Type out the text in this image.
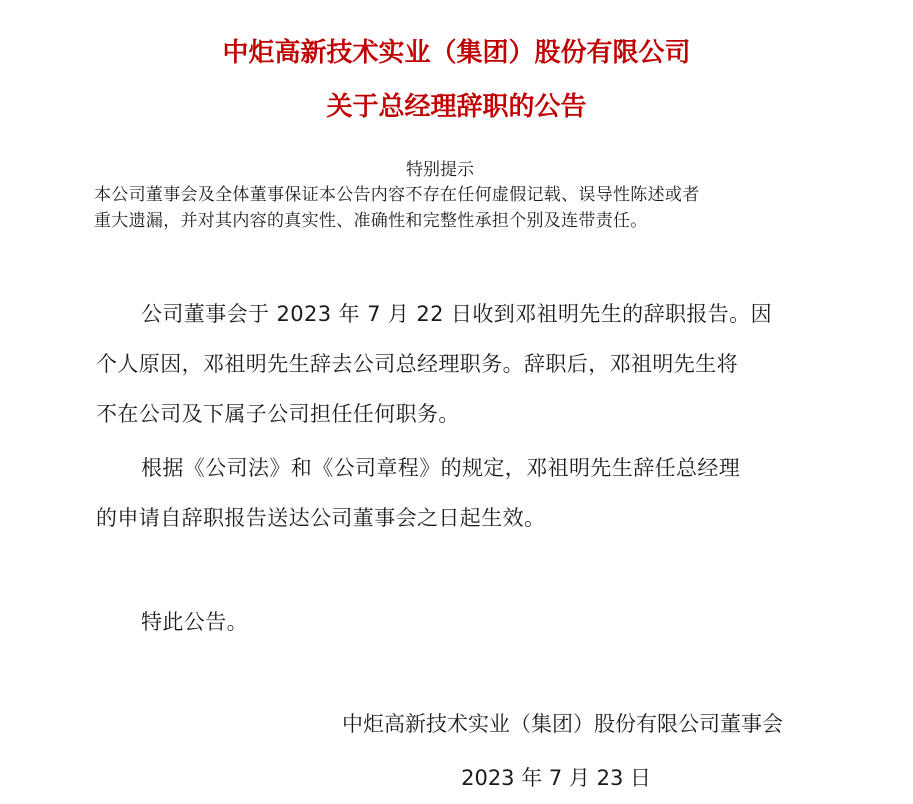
中炬高新技术实业（集团）股份有限公司
关于总经理辞职的公告
特别提示
本公司董事会及全体董事保证本公告内容不存在任何虚假记载、误导性陈述或者
重大遗漏，并对其内容的真实性、准确性和完整性承担个别及连带责任。
公司董事会于 2023 年 7 月 22 日收到邓祖明先生的辞职报告。因
个人原因，邓祖明先生辞去公司总经理职务。辞职后，邓祖明先生将
不在公司及下属子公司担任任何职务。
根据《公司法》和《公司章程》的规定，邓祖明先生辞任总经理
的申请自辞职报告送达公司董事会之日起生效。
特此公告。
中炬高新技术实业（集团）股份有限公司董事会
2023 年 7 月 23 日
